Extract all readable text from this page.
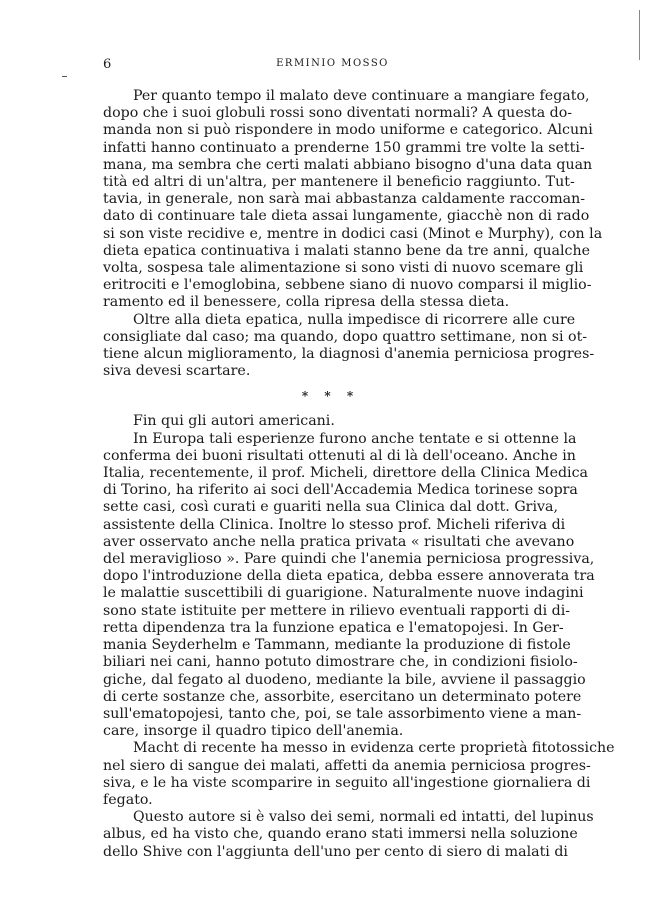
6	ERMINIO MOSSO

Per quanto tempo il malato deve continuare a mangiare fegato,
dopo che i suoi globuli rossi sono diventati normali? A questa do-
manda non si può rispondere in modo uniforme e categorico. Alcuni
infatti hanno continuato a prenderne 150 grammi tre volte la setti-
mana, ma sembra che certi malati abbiano bisogno d'una data quan
tità ed altri di un'altra, per mantenere il beneficio raggiunto. Tut-
tavia, in generale, non sarà mai abbastanza caldamente raccoman-
dato di continuare tale dieta assai lungamente, giacchè non di rado
si son viste recidive e, mentre in dodici casi (Minot e Murphy), con la
dieta epatica continuativa i malati stanno bene da tre anni, qualche
volta, sospesa tale alimentazione si sono visti di nuovo scemare gli
eritrociti e l'emoglobina, sebbene siano di nuovo comparsi il miglio-
ramento ed il benessere, colla ripresa della stessa dieta.

Oltre alla dieta epatica, nulla impedisce di ricorrere alle cure
consigliate dal caso; ma quando, dopo quattro settimane, non si ot-
tiene alcun miglioramento, la diagnosi d'anemia perniciosa progres-
siva devesi scartare.

* * *

Fin qui gli autori americani.

In Europa tali esperienze furono anche tentate e si ottenne la
conferma dei buoni risultati ottenuti al di là dell'oceano. Anche in
Italia, recentemente, il prof. Micheli, direttore della Clinica Medica
di Torino, ha riferito ai soci dell'Accademia Medica torinese sopra
sette casi, così curati e guariti nella sua Clinica dal dott. Griva,
assistente della Clinica. Inoltre lo stesso prof. Micheli riferiva di
aver osservato anche nella pratica privata « risultati che avevano
del meraviglioso ». Pare quindi che l'anemia perniciosa progressiva,
dopo l'introduzione della dieta epatica, debba essere annoverata tra
le malattie suscettibili di guarigione. Naturalmente nuove indagini
sono state istituite per mettere in rilievo eventuali rapporti di di-
retta dipendenza tra la funzione epatica e l'ematopojesi. In Ger-
mania Seyderhelm e Tammann, mediante la produzione di fistole
biliari nei cani, hanno potuto dimostrare che, in condizioni fisiolo-
giche, dal fegato al duodeno, mediante la bile, avviene il passaggio
di certe sostanze che, assorbite, esercitano un determinato potere
sull'ematopojesi, tanto che, poi, se tale assorbimento viene a man-
care, insorge il quadro tipico dell'anemia.

Macht di recente ha messo in evidenza certe proprietà fitotossiche
nel siero di sangue dei malati, affetti da anemia perniciosa progres-
siva, e le ha viste scomparire in seguito all'ingestione giornaliera di
fegato.

Questo autore si è valso dei semi, normali ed intatti, del lupinus
albus, ed ha visto che, quando erano stati immersi nella soluzione
dello Shive con l'aggiunta dell'uno per cento di siero di malati di
